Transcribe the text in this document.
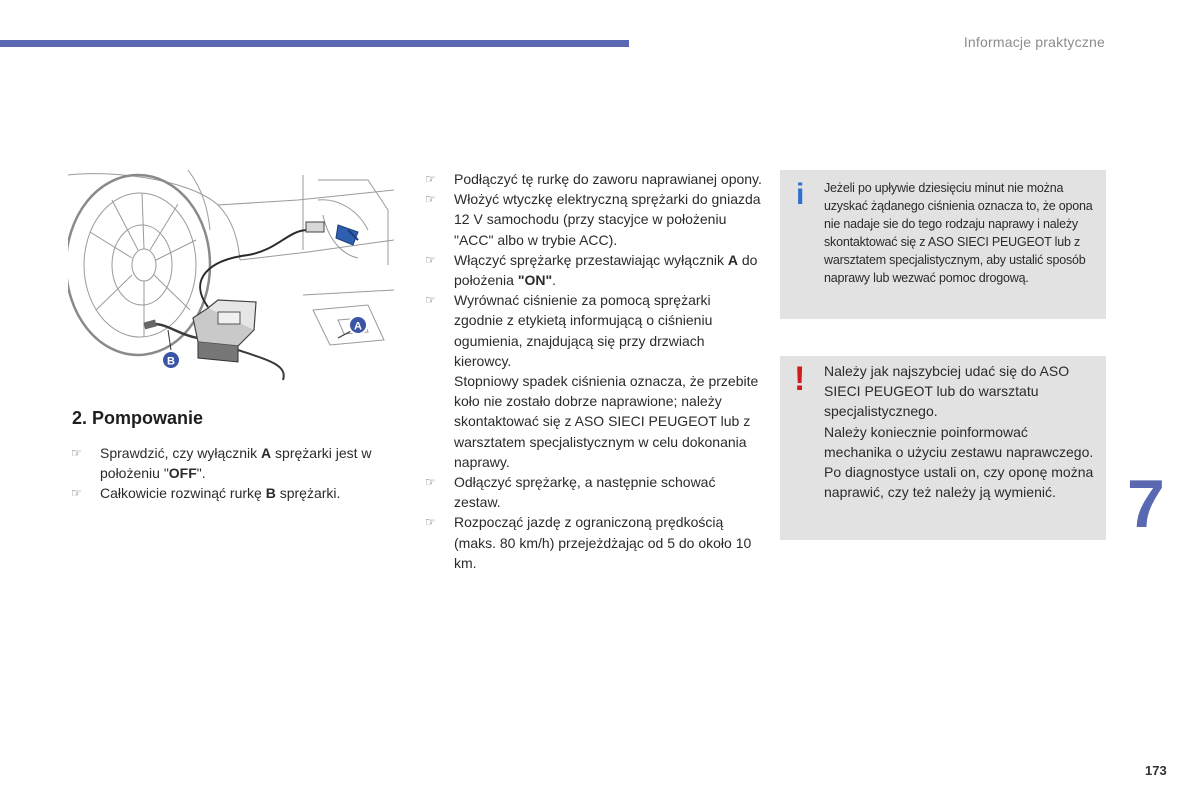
Informacje praktyczne
A
B
2. Pompowanie
☞ Sprawdzić, czy wyłącznik A sprężarki jest w położeniu "OFF".
☞ Całkowicie rozwinąć rurkę B sprężarki.
☞ Podłączyć tę rurkę do zaworu naprawianej opony.
☞ Włożyć wtyczkę elektryczną sprężarki do gniazda 12 V samochodu (przy stacyjce w położeniu "ACC" albo w trybie ACC).
☞ Włączyć sprężarkę przestawiając wyłącznik A do położenia "ON".
☞ Wyrównać ciśnienie za pomocą sprężarki zgodnie z etykietą informującą o ciśnieniu ogumienia, znajdującą się przy drzwiach kierowcy.
Stopniowy spadek ciśnienia oznacza, że przebite koło nie zostało dobrze naprawione; należy skontaktować się z ASO SIECI PEUGEOT lub z warsztatem specjalistycznym w celu dokonania naprawy.
☞ Odłączyć sprężarkę, a następnie schować zestaw.
☞ Rozpocząć jazdę z ograniczoną prędkością (maks. 80 km/h) przejeżdżając od 5 do około 10 km.
i Jeżeli po upływie dziesięciu minut nie można uzyskać żądanego ciśnienia oznacza to, że opona nie nadaje sie do tego rodzaju naprawy i należy skontaktować się z ASO SIECI PEUGEOT lub z warsztatem specjalistycznym, aby ustalić sposób naprawy lub wezwać pomoc drogową.

! Należy jak najszybciej udać się do ASO SIECI PEUGEOT lub do warsztatu specjalistycznego.

Należy koniecznie poinformować mechanika o użyciu zestawu naprawczego. Po diagnostyce ustali on, czy oponę można naprawić, czy też należy ją wymienić.	7
173
